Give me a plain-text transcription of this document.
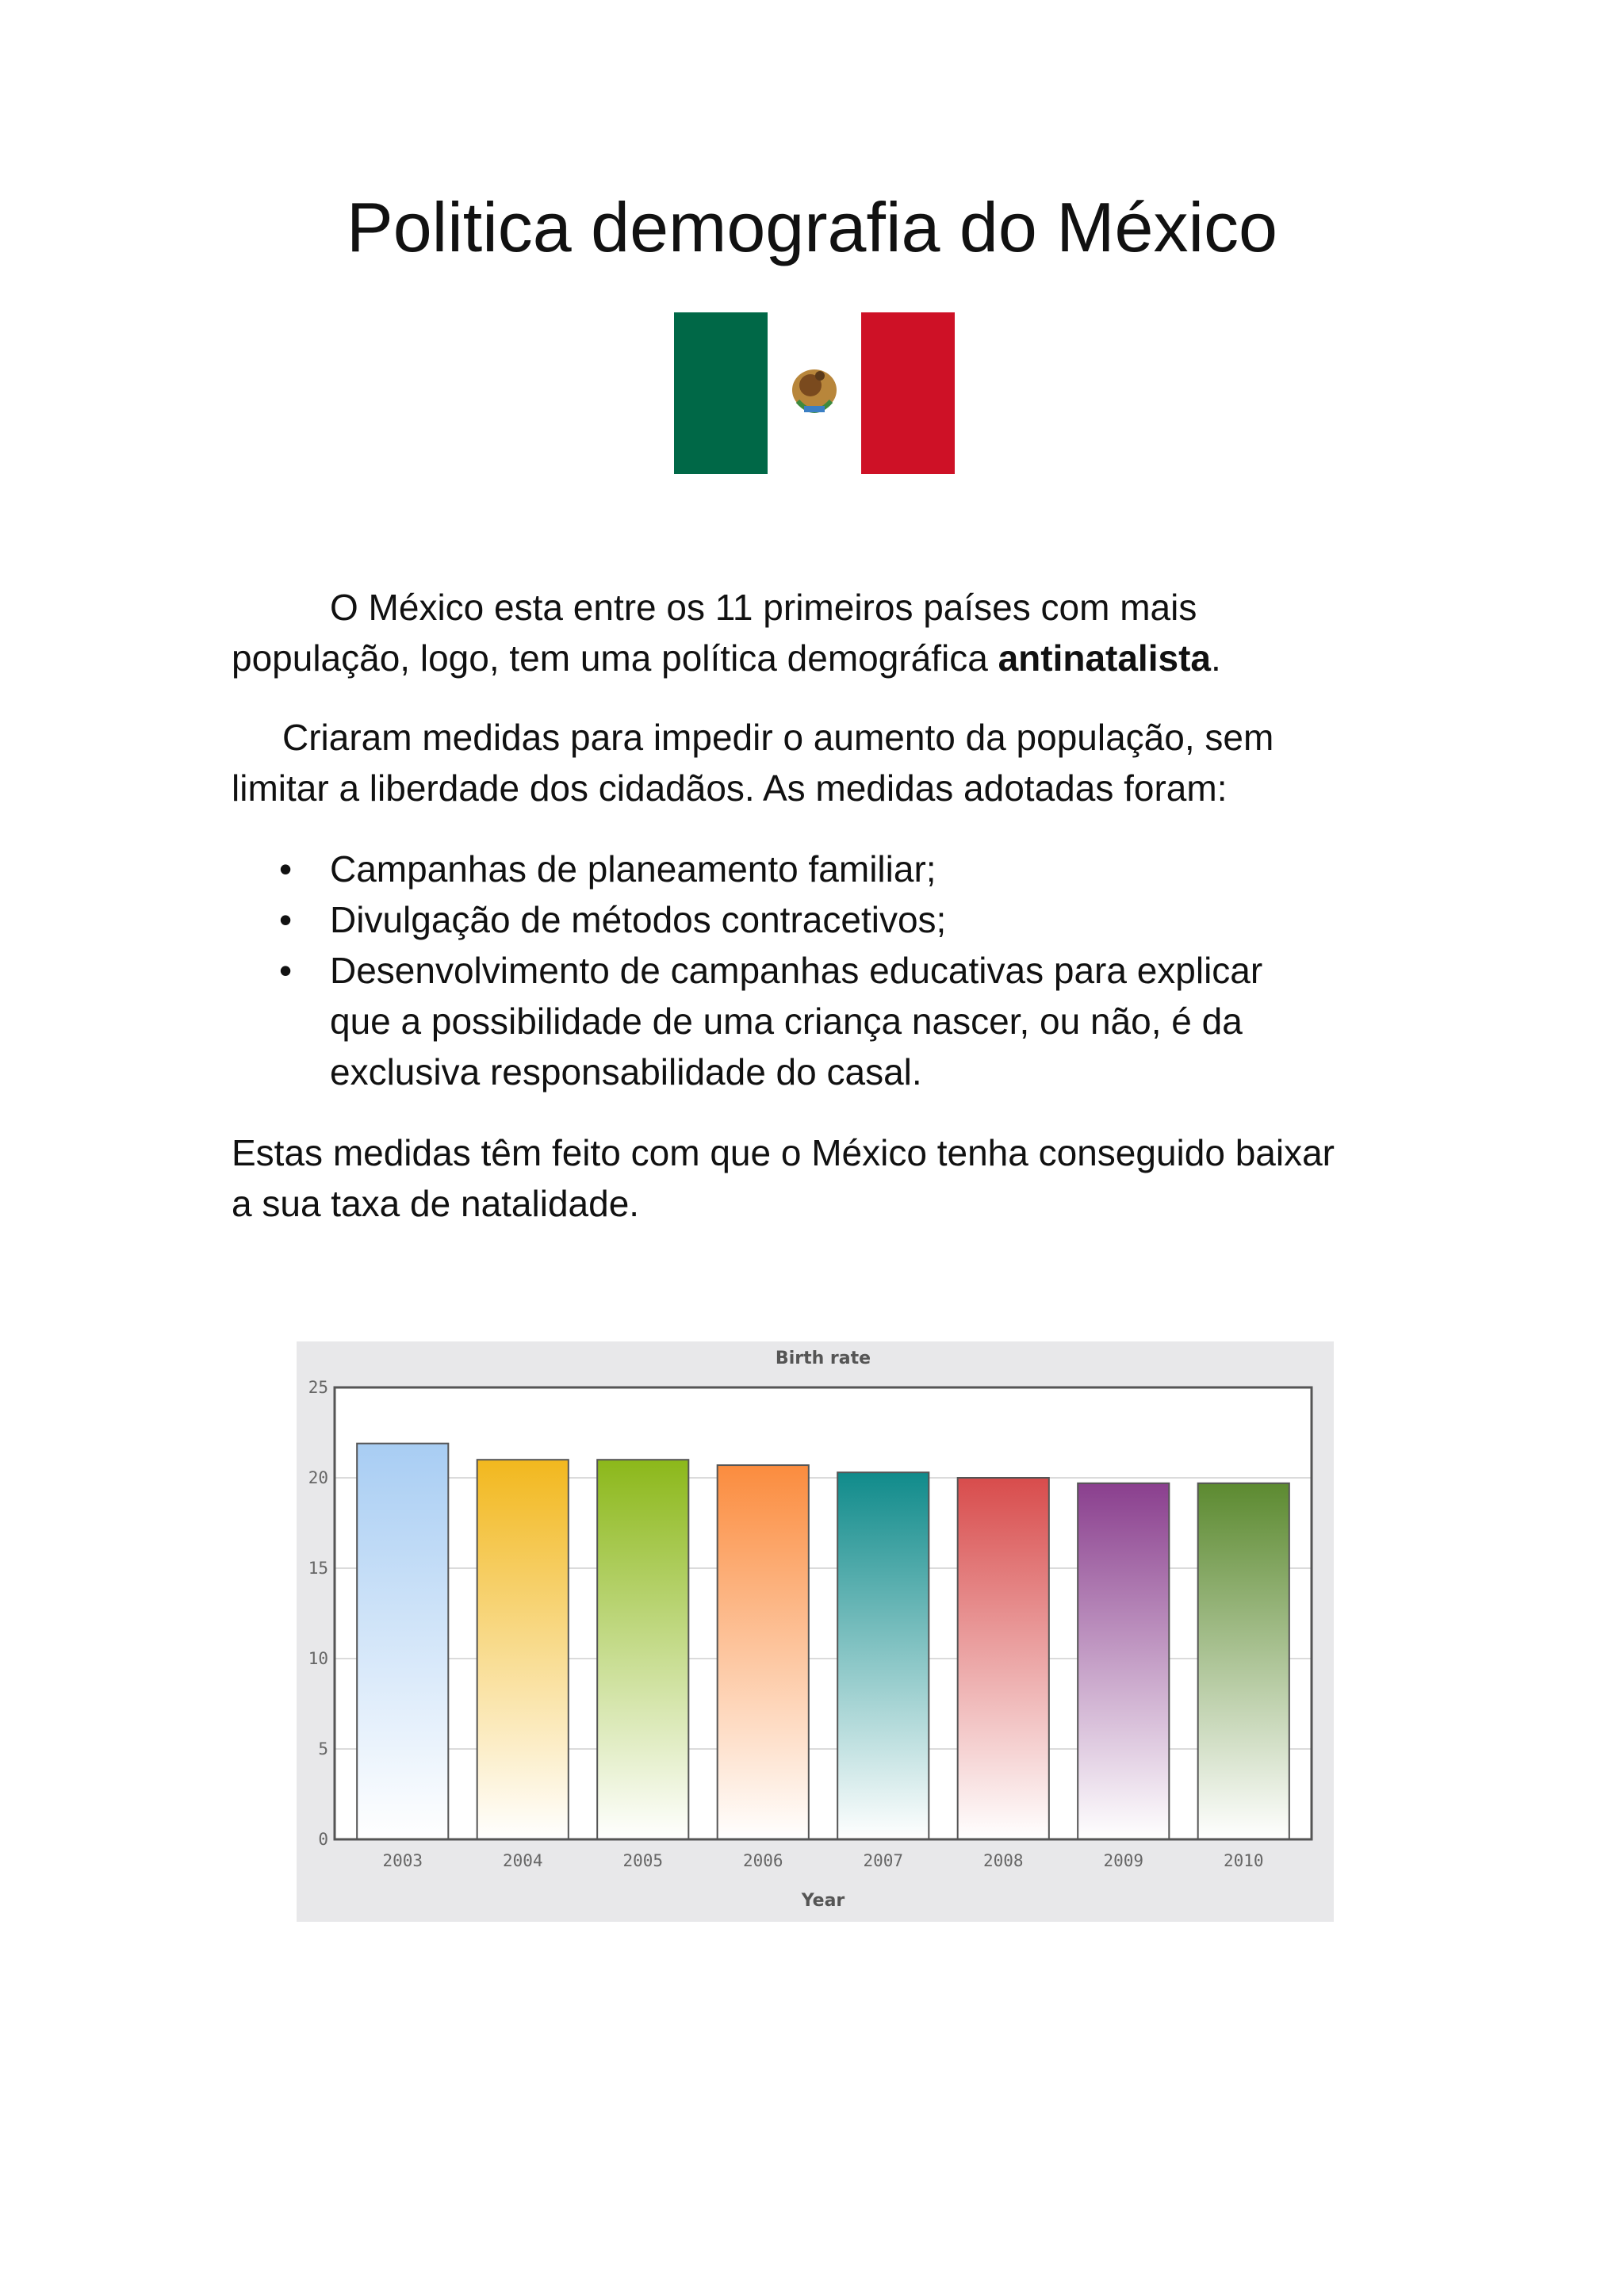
Politica demografia do México
O México esta entre os 11 primeiros países com mais
população, logo, tem uma política demográfica antinatalista.
Criaram medidas para impedir o aumento da população, sem
limitar a liberdade dos cidadãos. As medidas adotadas foram:
• Campanhas de planeamento familiar;
• Divulgação de métodos contracetivos;
• Desenvolvimento de campanhas educativas para explicar
que a possibilidade de uma criança nascer, ou não, é da
exclusiva responsabilidade do casal.
Estas medidas têm feito com que o México tenha conseguido baixar
a sua taxa de natalidade.
0
5
10
15
20
25
2003	2004	2005	2006	2007	2008	2009	2010
Birth rate
Year
